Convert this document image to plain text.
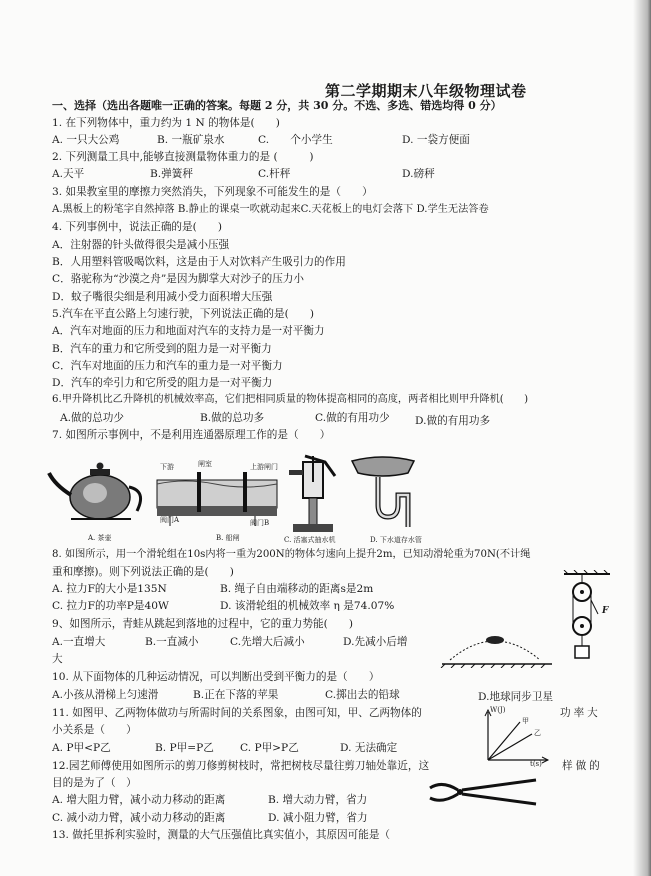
第二学期期末八年级物理试卷
一、选择（选出各题唯一正确的答案。每题 2 分，共 30 分。不选、多选、错选均得 0 分）
1. 在下列物体中，重力约为 1 N 的物体是(　　)
A. 一只大公鸡	B. 一瓶矿泉水	C.　　个小学生	D. 一袋方便面
2. 下列测量工具中,能够直接测量物体重力的是 (　　　)
A.天平	B.弹簧秤	C.杆秤	D.磅秤
3. 如果教室里的摩擦力突然消失，下列现象不可能发生的是（　　）
A.黑板上的粉笔字自然掉落 B.静止的课桌一吹就动起来C.天花板上的电灯会落下 D.学生无法答卷
4. 下列事例中，说法正确的是(　　)
A．注射器的针头做得很尖是减小压强
B．人用塑料管吸喝饮料，这是由于人对饮料产生吸引力的作用
C．骆驼称为“沙漠之舟”是因为脚掌大对沙子的压力小
D．蚊子嘴很尖细是利用减小受力面积增大压强
5.汽车在平直公路上匀速行驶，下列说法正确的是(　　)
A．汽车对地面的压力和地面对汽车的支持力是一对平衡力
B．汽车的重力和它所受到的阻力是一对平衡力
C．汽车对地面的压力和汽车的重力是一对平衡力
D．汽车的牵引力和它所受的阻力是一对平衡力
6.甲升降机比乙升降机的机械效率高，它们把相同质量的物体提高相同的高度，两者相比则甲升降机(　　)
A.做的总功少	B.做的总功多	C.做的有用功少 D.做的有用功多
7. 如图所示事例中，不是利用连通器原理工作的是（　　）
A. 茶壶
下游	闸室	上游闸门
阀门A	阀门B
B. 船闸	C. 活塞式抽水机	D. 下水道存水管
8. 如图所示，用一个滑轮组在10s内将一重为200N的物体匀速向上提升2m，已知动滑轮重为70N(不计绳
重和摩擦)。则下列说法正确的是(　　)
A. 拉力F的大小是135N	B. 绳子自由端移动的距离s是2m
C. 拉力F的功率P是40W	D. 该滑轮组的机械效率 η 是74.07%	F
9、如图所示，青蛙从跳起到落地的过程中，它的重力势能(　　)
A.一直增大	B.一直减小	C.先增大后减小	D.先减小后增
大
10. 从下面物体的几种运动情况，可以判断出受到平衡力的是（　　）
A.小孩从滑梯上匀速滑	B.正在下落的苹果	C.掷出去的铅球	D.地球同步卫星
11. 如图甲、乙两物体做功与所需时间的关系图象，由图可知，甲、乙两物体的	功率大
小关系是（　　）
A. P甲<P乙	B. P甲=P乙 C. P甲>P乙	D. 无法确定
W(J)
t(s)
甲
乙
12.园艺师傅使用如图所示的剪刀修剪树枝时，常把树枝尽量往剪刀轴处靠近，这	样做的
目的是为了（　）
A. 增大阻力臂，减小动力移动的距离	B. 增大动力臂，省力
C. 减小动力臂，减小动力移动的距离	D. 减小阻力臂，省力
13. 做托里拆利实验时，测量的大气压强值比真实值小，其原因可能是（
